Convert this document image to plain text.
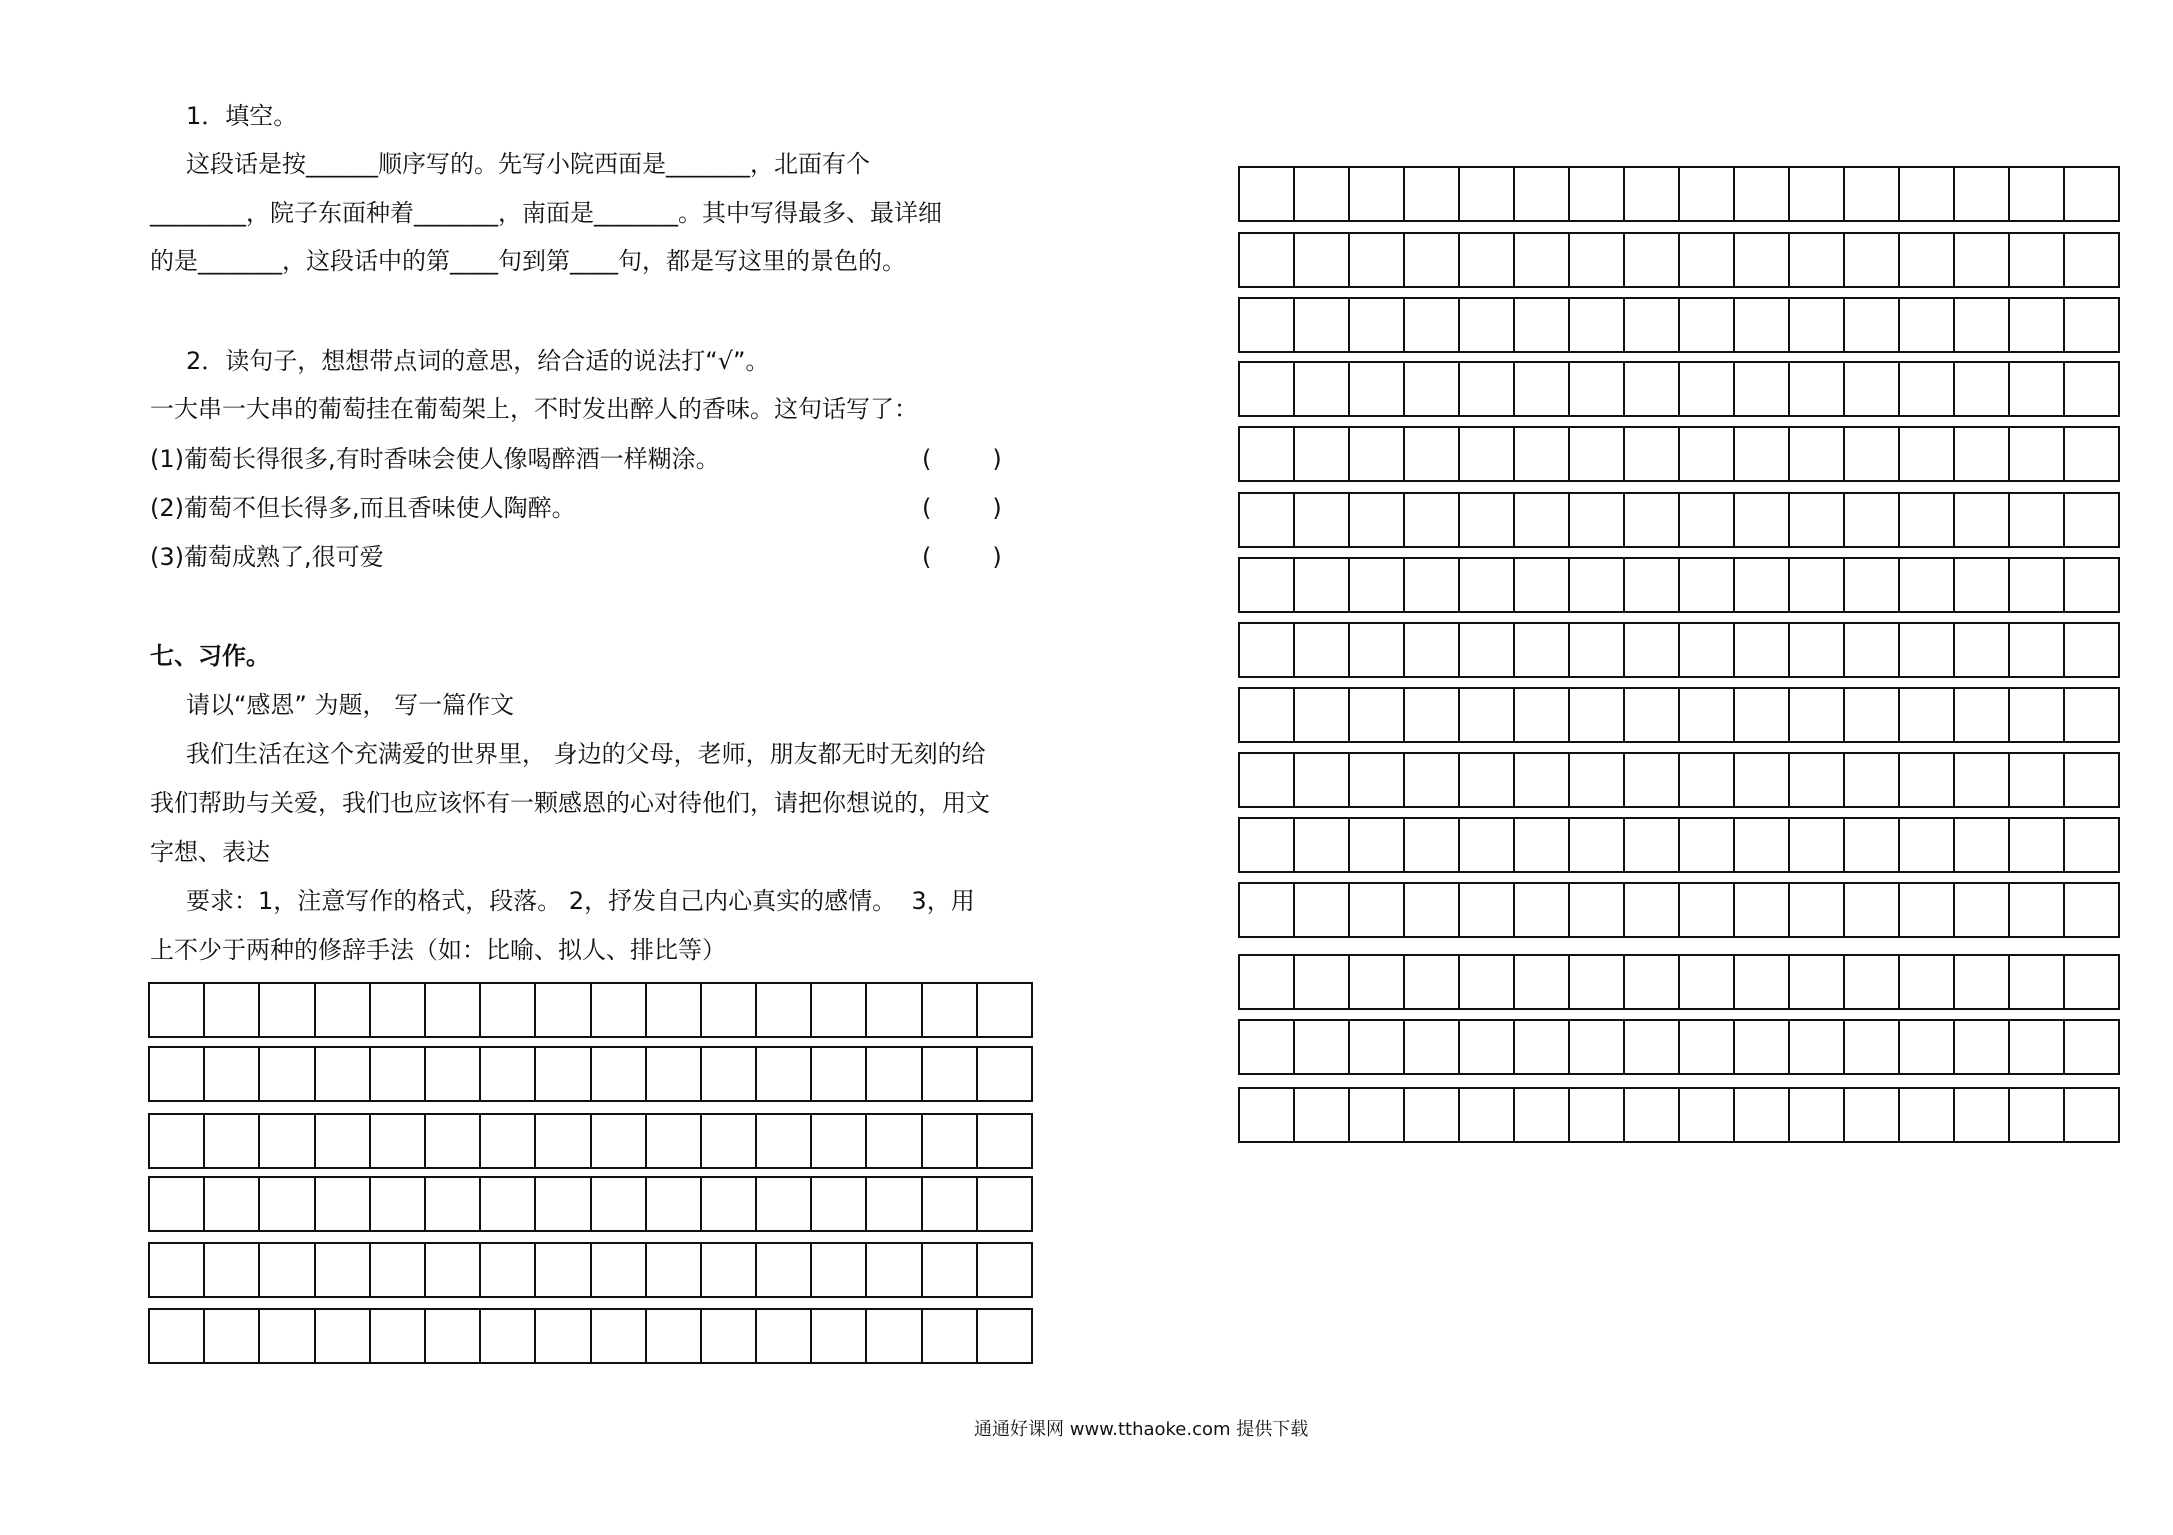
1．填空。
这段话是按______顺序写的。先写小院西面是_______，北面有个
________，院子东面种着_______，南面是_______。其中写得最多、最详细
的是_______，这段话中的第____句到第____句，都是写这里的景色的。
2．读句子，想想带点词的意思，给合适的说法打“√”。
一大串一大串的葡萄挂在葡萄架上，不时发出醉人的香味。这句话写了：
(1)葡萄长得很多,有时香味会使人像喝醉酒一样糊涂。	(        )
(2)葡萄不但长得多,而且香味使人陶醉。	(        )
(3)葡萄成熟了,很可爱	(        )
七、习作。
请以“感恩” 为题， 写一篇作文
我们生活在这个充满爱的世界里， 身边的父母，老师，朋友都无时无刻的给
我们帮助与关爱，我们也应该怀有一颗感恩的心对待他们，请把你想说的，用文
字想、表达
要求：1，注意写作的格式，段落。 2，抒发自己内心真实的感情。  3，用
上不少于两种的修辞手法（如：比喻、拟人、排比等）
通通好课网 www.tthaoke.com 提供下载
